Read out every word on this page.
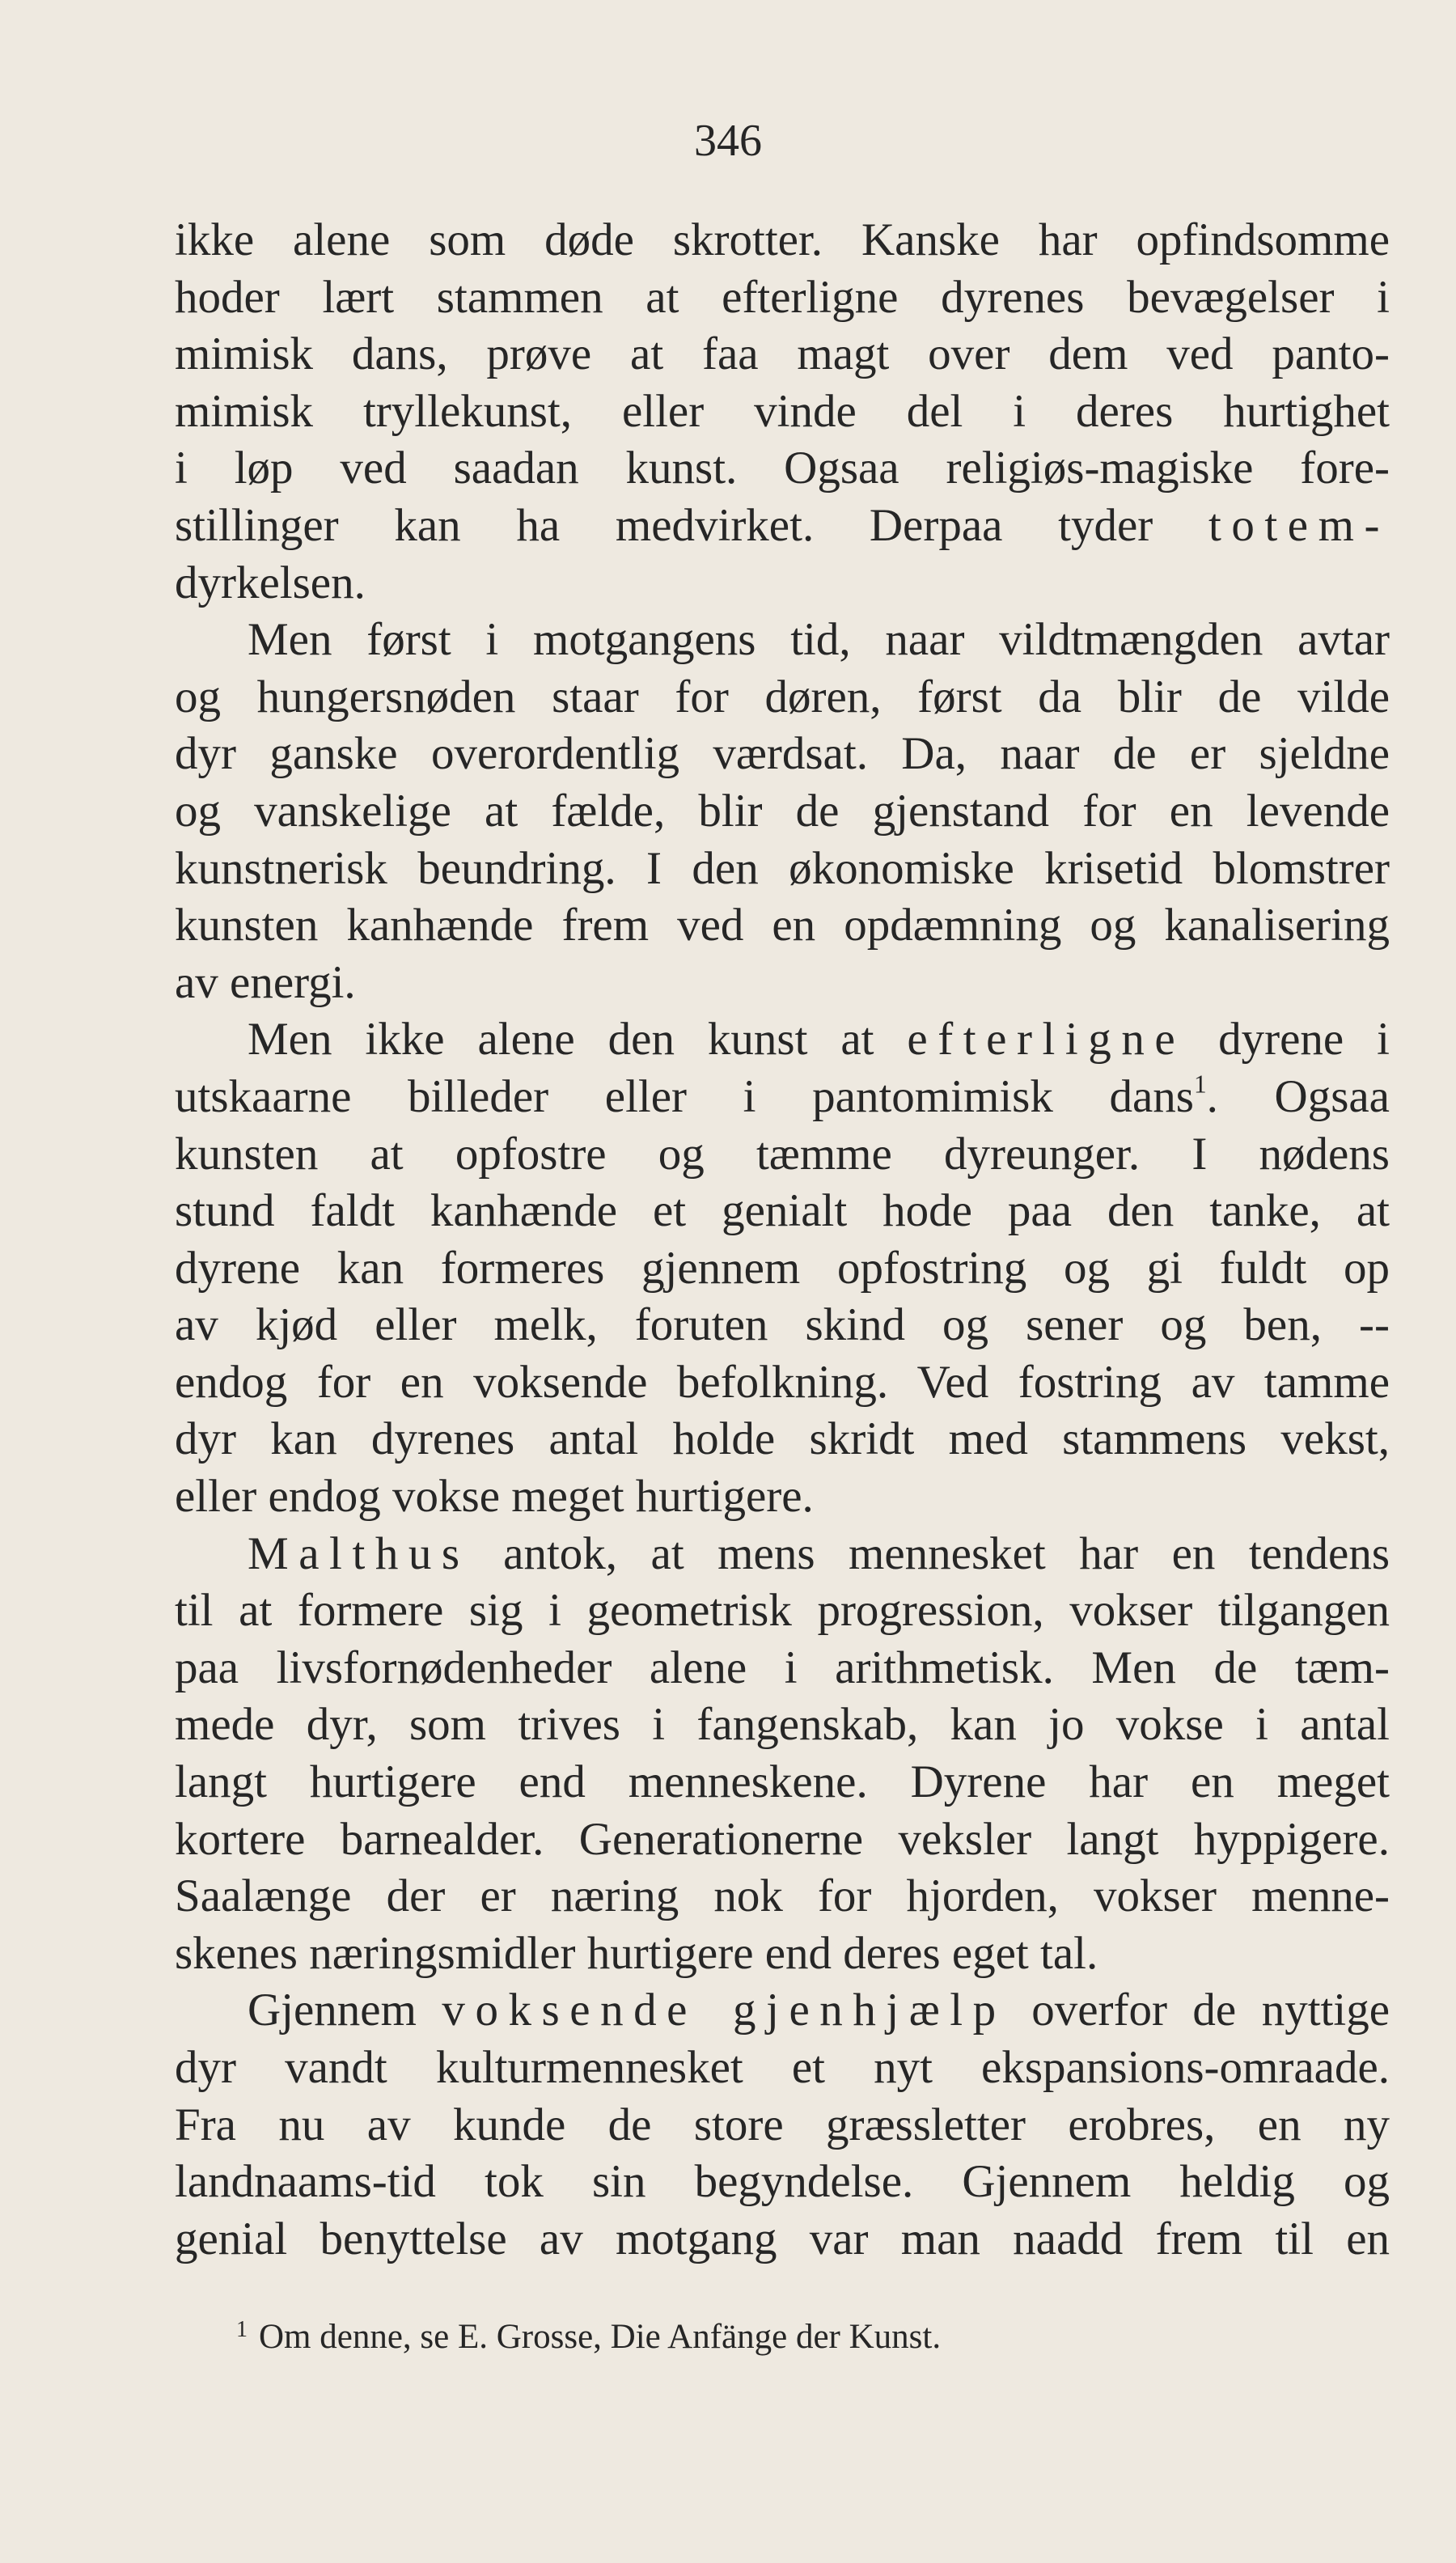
346
ikke alene som døde skrotter. Kanske har opfindsomme
hoder lært stammen at efterligne dyrenes bevægelser i
mimisk dans, prøve at faa magt over dem ved panto-
mimisk tryllekunst, eller vinde del i deres hurtighet
i løp ved saadan kunst. Ogsaa religiøs-magiske fore-
stillinger kan ha medvirket. Derpaa tyder totem-
dyrkelsen.
Men først i motgangens tid, naar vildtmængden avtar
og hungersnøden staar for døren, først da blir de vilde
dyr ganske overordentlig værdsat. Da, naar de er sjeldne
og vanskelige at fælde, blir de gjenstand for en levende
kunstnerisk beundring. I den økonomiske krisetid blomstrer
kunsten kanhænde frem ved en opdæmning og kanalisering
av energi.
Men ikke alene den kunst at efterligne dyrene i
utskaarne billeder eller i pantomimisk dans$^1$. Ogsaa
kunsten at opfostre og tæmme dyreunger. I nødens
stund faldt kanhænde et genialt hode paa den tanke, at
dyrene kan formeres gjennem opfostring og gi fuldt op
av kjød eller melk, foruten skind og sener og ben, --
endog for en voksende befolkning. Ved fostring av tamme
dyr kan dyrenes antal holde skridt med stammens vekst,
eller endog vokse meget hurtigere.
Malthus antok, at mens mennesket har en tendens
til at formere sig i geometrisk progression, vokser tilgangen
paa livsfornødenheder alene i arithmetisk. Men de tæm-
mede dyr, som trives i fangenskab, kan jo vokse i antal
langt hurtigere end menneskene. Dyrene har en meget
kortere barnealder. Generationerne veksler langt hyppigere.
Saalænge der er næring nok for hjorden, vokser menne-
skenes næringsmidler hurtigere end deres eget tal.
Gjennem voksende gjenhjælp overfor de nyttige
dyr vandt kulturmennesket et nyt ekspansions-omraade.
Fra nu av kunde de store græssletter erobres, en ny
landnaams-tid tok sin begyndelse. Gjennem heldig og
genial benyttelse av motgang var man naadd frem til en
$^1$ Om denne, se E. Grosse, Die Anfänge der Kunst.
